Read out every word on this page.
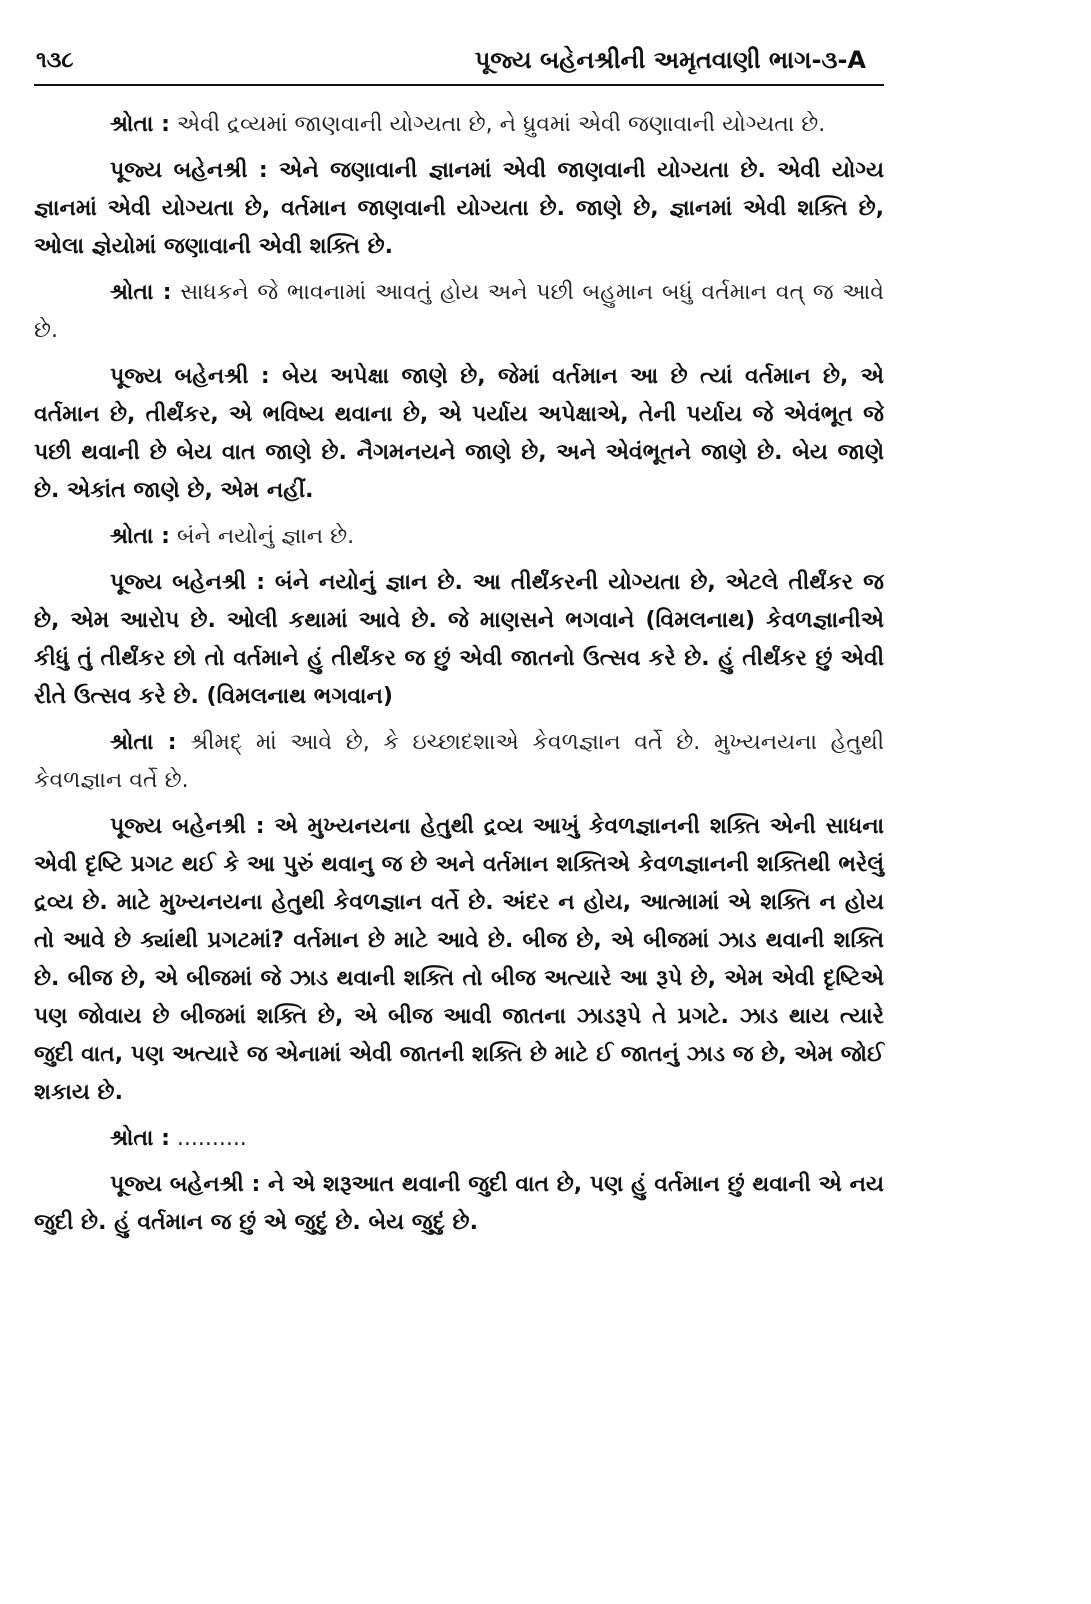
૧૩૮	પૂજ્ય બહેનશ્રીની અમૃતવાણી ભાગ-૩-A

શ્રોતા : એવી દ્રવ્યમાં જાણવાની યોગ્યતા છે, ને ધ્રુવમાં એવી જણાવાની યોગ્યતા છે.

પૂજ્ય બહેનશ્રી : એને જણાવાની જ્ઞાનમાં એવી જાણવાની યોગ્યતા છે. એવી યોગ્ય જ્ઞાનમાં એવી યોગ્યતા છે, વર્તમાન જાણવાની યોગ્યતા છે. જાણે છે, જ્ઞાનમાં એવી શક્તિ છે, ઓલા જ્ઞેયોમાં જણાવાની એવી શક્તિ છે.

શ્રોતા : સાધકને જે ભાવનામાં આવતું હોય અને પછી બહુમાન બધું વર્તમાન વત્ જ આવે છે.

પૂજ્ય બહેનશ્રી : બેય અપેક્ષા જાણે છે, જેમાં વર્તમાન આ છે ત્યાં વર્તમાન છે, એ વર્તમાન છે, તીર્થંકર, એ ભવિષ્ય થવાના છે, એ પર્યાય અપેક્ષાએ, તેની પર્યાય જે એવંભૂત જે પછી થવાની છે બેય વાત જાણે છે. નૈગમનયને જાણે છે, અને એવંભૂતને જાણે છે. બેય જાણે છે. એકાંત જાણે છે, એમ નહીં.

શ્રોતા : બંને નયોનું જ્ઞાન છે.

પૂજ્ય બહેનશ્રી : બંને નયોનું જ્ઞાન છે. આ તીર્થંકરની યોગ્યતા છે, એટલે તીર્થંકર જ છે, એમ આરોપ છે. ઓલી કથામાં આવે છે. જે માણસને ભગવાને (વિમલનાથ) કેવળજ્ઞાનીએ કીધું તું તીર્થંકર છો તો વર્તમાને હું તીર્થંકર જ છું એવી જાતનો ઉત્સવ કરે છે. હું તીર્થંકર છું એવી રીતે ઉત્સવ કરે છે. (વિમલનાથ ભગવાન)

શ્રોતા : શ્રીમદ્ માં આવે છે, કે ઇચ્છાદશાએ કેવળજ્ઞાન વર્તે છે. મુખ્યનયના હેતુથી કેવળજ્ઞાન વર્તે છે.

પૂજ્ય બહેનશ્રી : એ મુખ્યનયના હેતુથી દ્રવ્ય આખું કેવળજ્ઞાનની શક્તિ એની સાધના એવી દૃષ્ટિ પ્રગટ થઈ કે આ પુરું થવાનુ જ છે અને વર્તમાન શક્તિએ કેવળજ્ઞાનની શક્તિથી ભરેલું દ્રવ્ય છે. માટે મુખ્યનયના હેતુથી કેવળજ્ઞાન વર્તે છે. અંદર ન હોય, આત્મામાં એ શક્તિ ન હોય તો આવે છે ક્યાંથી પ્રગટમાં? વર્તમાન છે માટે આવે છે. બીજ છે, એ બીજમાં ઝાડ થવાની શક્તિ છે. બીજ છે, એ બીજમાં જે ઝાડ થવાની શક્તિ તો બીજ અત્યારે આ રૂપે છે, એમ એવી દૃષ્ટિએ પણ જોવાય છે બીજમાં શક્તિ છે, એ બીજ આવી જાતના ઝાડરૂપે તે પ્રગટે. ઝાડ થાય ત્યારે જુદી વાત, પણ અત્યારે જ એનામાં એવી જાતની શક્તિ છે માટે ઈ જાતનું ઝાડ જ છે, એમ જોઈ શકાય છે.

શ્રોતા : ..........

પૂજ્ય બહેનશ્રી : ને એ શરૂઆત થવાની જુદી વાત છે, પણ હું વર્તમાન છું થવાની એ નય જુદી છે. હું વર્તમાન જ છું એ જુદું છે. બેય જુદું છે.
